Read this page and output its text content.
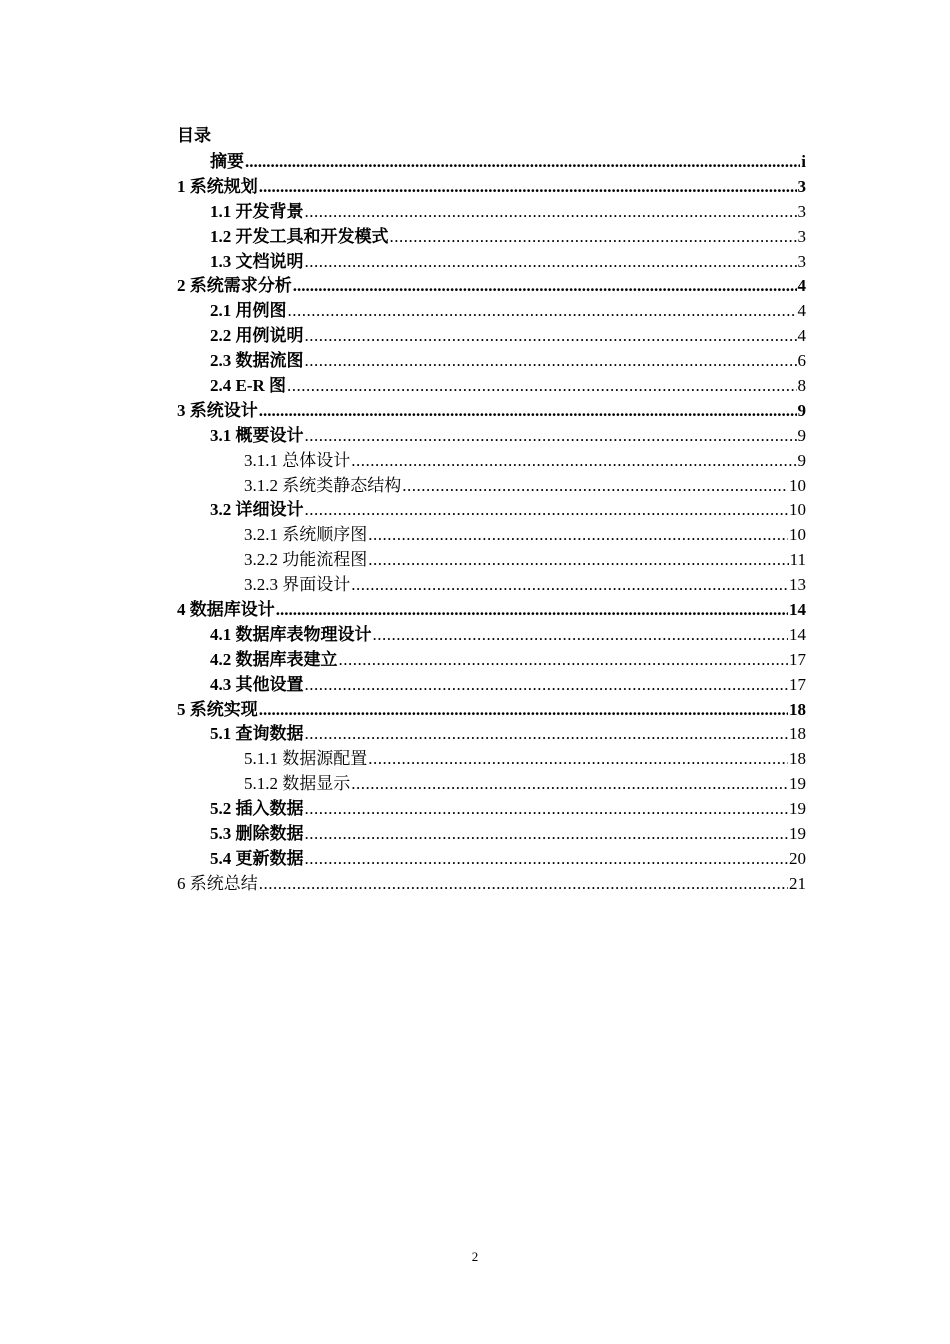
目录
摘要 .....	i
1 系统规划 .....	3
1.1 开发背景 .....	3
1.2 开发工具和开发模式 .....	3
1.3 文档说明 .....	3
2 系统需求分析 .....	4
2.1 用例图 .....	4
2.2 用例说明 .....	4
2.3 数据流图 .....	6
2.4 E-R 图 .....	8
3 系统设计 .....	9
3.1 概要设计 .....	9
3.1.1 总体设计 .....	9
3.1.2 系统类静态结构 .....	10
3.2 详细设计 .....	10
3.2.1 系统顺序图 .....	10
3.2.2 功能流程图 .....	11
3.2.3 界面设计 .....	13
4 数据库设计 .....	14
4.1 数据库表物理设计 .....	14
4.2 数据库表建立 .....	17
4.3 其他设置 .....	17
5 系统实现 .....	18
5.1 查询数据 .....	18
5.1.1 数据源配置 .....	18
5.1.2 数据显示 .....	19
5.2 插入数据 .....	19
5.3 删除数据 .....	19
5.4 更新数据 .....	20
6 系统总结 .....	21
2
